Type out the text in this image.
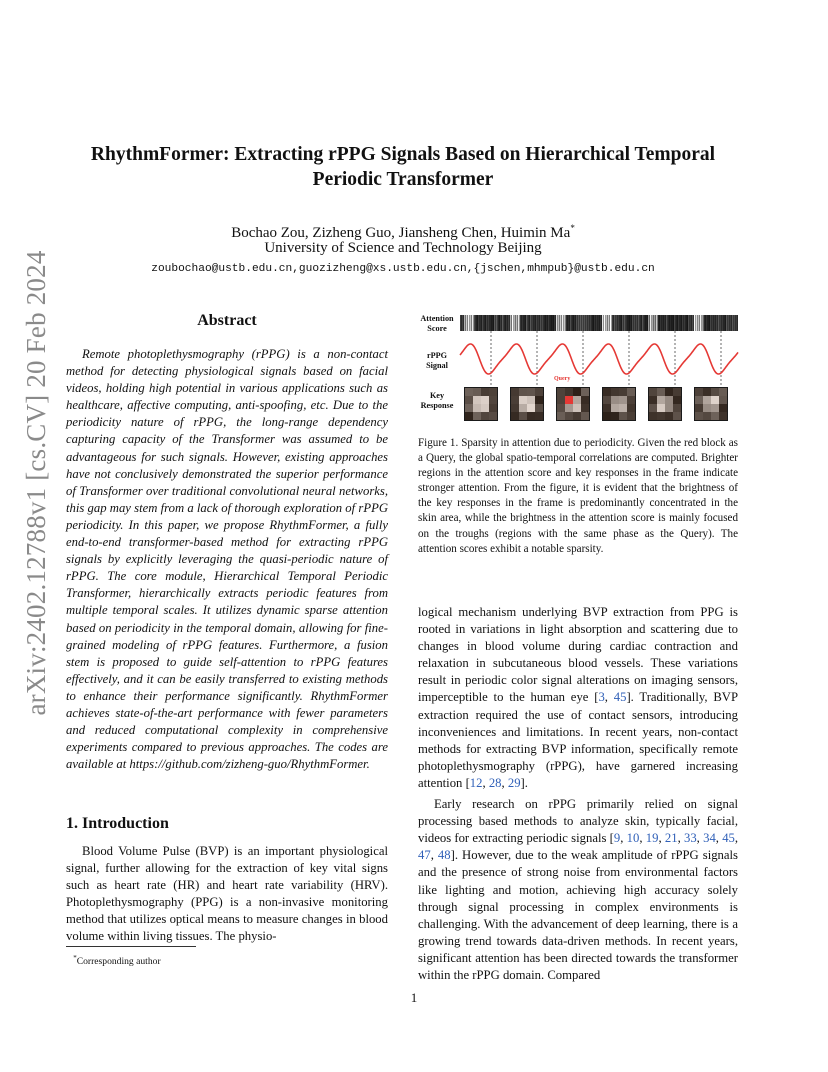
arXiv:2402.12788v1 [cs.CV] 20 Feb 2024
RhythmFormer: Extracting rPPG Signals Based on Hierarchical Temporal
Periodic Transformer
Bochao Zou, Zizheng Guo, Jiansheng Chen, Huimin Ma*
University of Science and Technology Beijing
zoubochao@ustb.edu.cn,guozizheng@xs.ustb.edu.cn,{jschen,mhmpub}@ustb.edu.cn
Abstract

Remote photoplethysmography (rPPG) is a non-contact method for detecting physiological signals based on facial videos, holding high potential in various applications such as healthcare, affective computing, anti-spoofing, etc. Due to the periodicity nature of rPPG, the long-range dependency capturing capacity of the Transformer was assumed to be advantageous for such signals. However, existing approaches have not conclusively demonstrated the superior performance of Transformer over traditional convolutional neural networks, this gap may stem from a lack of thorough exploration of rPPG periodicity. In this paper, we propose RhythmFormer, a fully end-to-end transformer-based method for extracting rPPG signals by explicitly leveraging the quasi-periodic nature of rPPG. The core module, Hierarchical Temporal Periodic Transformer, hierarchically extracts periodic features from multiple temporal scales. It utilizes dynamic sparse attention based on periodicity in the temporal domain, allowing for fine-grained modeling of rPPG features. Furthermore, a fusion stem is proposed to guide self-attention to rPPG features effectively, and it can be easily transferred to existing methods to enhance their performance significantly. RhythmFormer achieves state-of-the-art performance with fewer parameters and reduced computational complexity in comprehensive experiments compared to previous approaches. The codes are available at https://github.com/zizheng-guo/RhythmFormer.

1. Introduction

Blood Volume Pulse (BVP) is an important physiological signal, further allowing for the extraction of key vital signs such as heart rate (HR) and heart rate variability (HRV). Photoplethysmography (PPG) is a non-invasive monitoring method that utilizes optical means to measure changes in blood volume within living tissues. The physio-

*Corresponding author
Attention
Score
rPPG
Signal
Key
Response
Query
Figure 1. Sparsity in attention due to periodicity. Given the red block as a Query, the global spatio-temporal correlations are computed. Brighter regions in the attention score and key responses in the frame indicate stronger attention. From the figure, it is evident that the brightness of the key responses in the frame is predominantly concentrated in the skin area, while the brightness in the attention score is mainly focused on the troughs (regions with the same phase as the Query). The attention scores exhibit a notable sparsity.

logical mechanism underlying BVP extraction from PPG is rooted in variations in light absorption and scattering due to changes in blood volume during cardiac contraction and relaxation in subcutaneous blood vessels. These variations result in periodic color signal alterations on imaging sensors, imperceptible to the human eye [3, 45]. Traditionally, BVP extraction required the use of contact sensors, introducing inconveniences and limitations. In recent years, non-contact methods for extracting BVP information, specifically remote photoplethysmography (rPPG), have garnered increasing attention [12, 28, 29].

Early research on rPPG primarily relied on signal processing based methods to analyze skin, typically facial, videos for extracting periodic signals [9, 10, 19, 21, 33, 34, 45, 47, 48]. However, due to the weak amplitude of rPPG signals and the presence of strong noise from environmental factors like lighting and motion, achieving high accuracy solely through signal processing in complex environments is challenging. With the advancement of deep learning, there is a growing trend towards data-driven methods. In recent years, significant attention has been directed towards the transformer within the rPPG domain. Compared

1
